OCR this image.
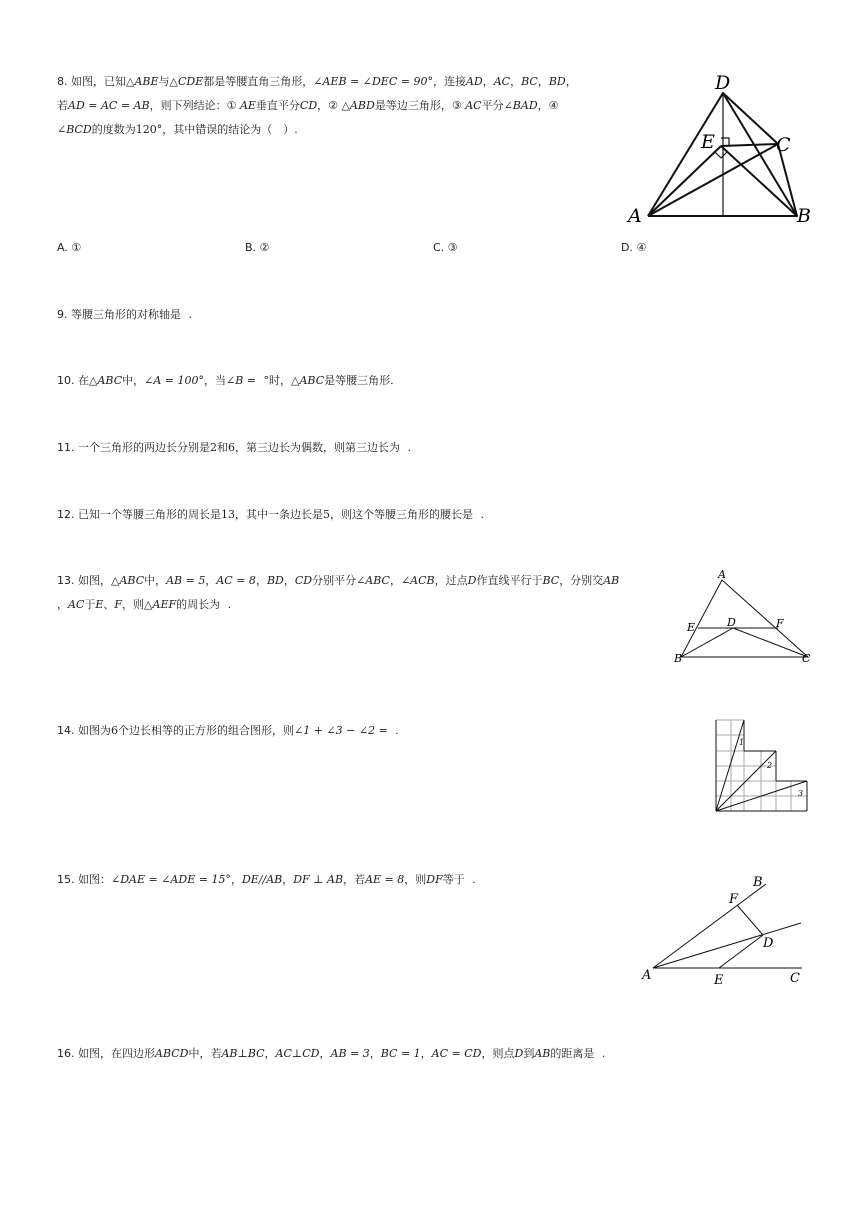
8. 如图，已知△ABE与△CDE都是等腰直角三角形，∠AEB = ∠DEC = 90°，连接AD，AC，BC，BD，
若AD = AC = AB，则下列结论：① AE垂直平分CD，② △ABD是等边三角形，③ AC平分∠BAD，④
∠BCD的度数为120°，其中错误的结论为（　）.
D
E	C
A	B
A. ①	B. ②	C. ③	D. ④
9. 等腰三角形的对称轴是 .
10. 在△ABC中，∠A = 100°，当∠B = °时，△ABC是等腰三角形.
11. 一个三角形的两边长分别是2和6，第三边长为偶数，则第三边长为 .
12. 已知一个等腰三角形的周长是13，其中一条边长是5，则这个等腰三角形的腰长是 .
13. 如图，△ABC中，AB = 5，AC = 8，BD，CD分别平分∠ABC，∠ACB，过点D作直线平行于BC，分别交AB
，AC于E、F，则△AEF的周长为 .
A
E	D	F
B	C
14. 如图为6个边长相等的正方形的组合图形，则∠1 + ∠3 − ∠2 = .
1
2
3
15. 如图：∠DAE = ∠ADE = 15°，DE//AB，DF ⊥ AB，若AE = 8，则DF等于 .
A
B
C
D
E
F
16. 如图，在四边形ABCD中，若AB⊥BC，AC⊥CD，AB = 3，BC = 1，AC = CD，则点D到AB的距离是 .
